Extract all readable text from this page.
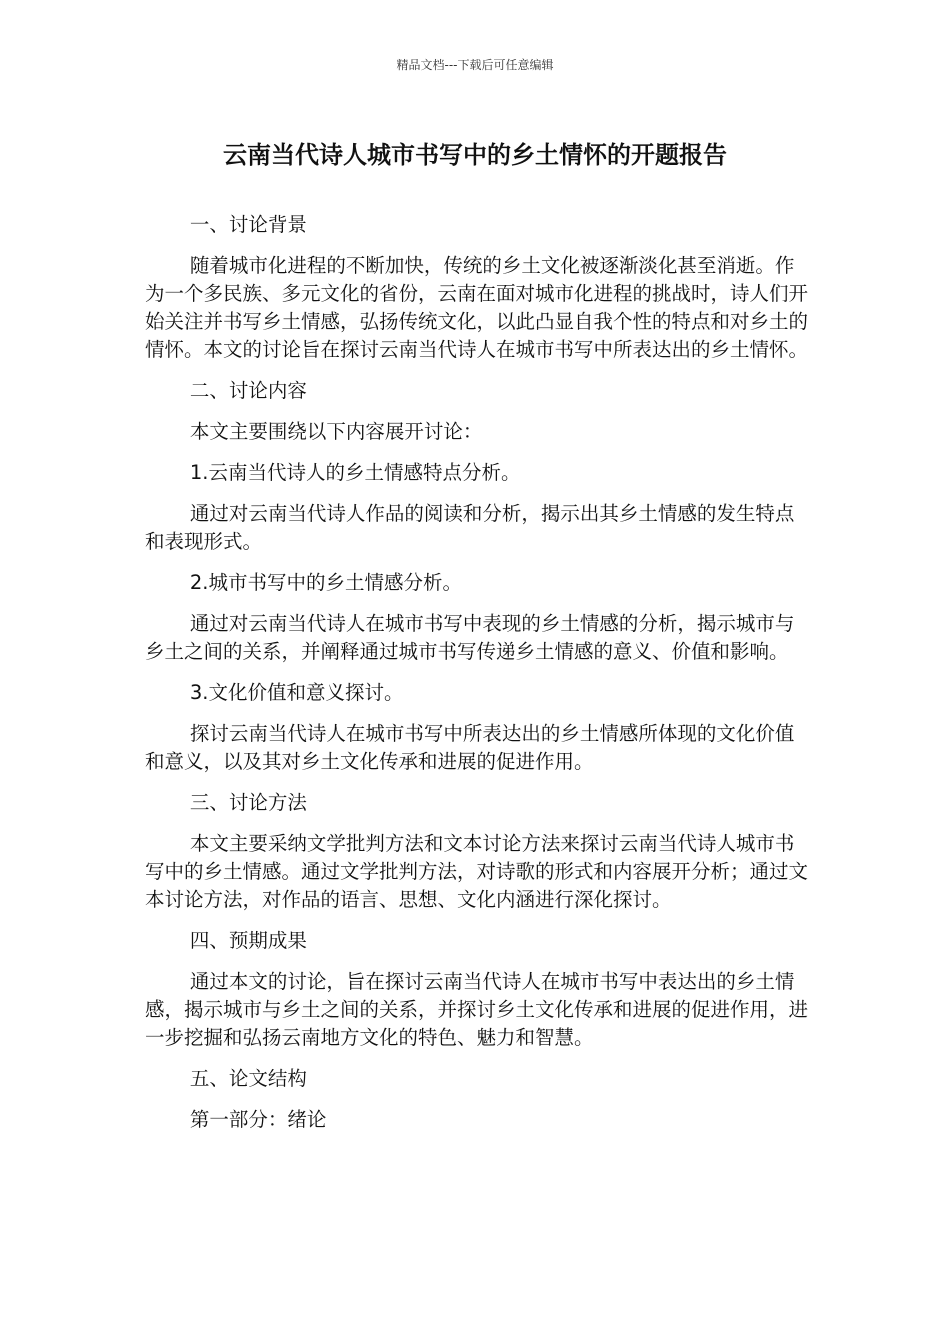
精品文档---下载后可任意编辑
云南当代诗人城市书写中的乡土情怀的开题报告

一、讨论背景

随着城市化进程的不断加快，传统的乡土文化被逐渐淡化甚至消逝。作为一个多民族、多元文化的省份，云南在面对城市化进程的挑战时，诗人们开始关注并书写乡土情感，弘扬传统文化，以此凸显自我个性的特点和对乡土的情怀。本文的讨论旨在探讨云南当代诗人在城市书写中所表达出的乡土情怀。

二、讨论内容

本文主要围绕以下内容展开讨论：

1.云南当代诗人的乡土情感特点分析。

通过对云南当代诗人作品的阅读和分析，揭示出其乡土情感的发生特点和表现形式。

2.城市书写中的乡土情感分析。

通过对云南当代诗人在城市书写中表现的乡土情感的分析，揭示城市与乡土之间的关系，并阐释通过城市书写传递乡土情感的意义、价值和影响。

3.文化价值和意义探讨。

探讨云南当代诗人在城市书写中所表达出的乡土情感所体现的文化价值和意义，以及其对乡土文化传承和进展的促进作用。

三、讨论方法

本文主要采纳文学批判方法和文本讨论方法来探讨云南当代诗人城市书写中的乡土情感。通过文学批判方法，对诗歌的形式和内容展开分析；通过文本讨论方法，对作品的语言、思想、文化内涵进行深化探讨。

四、预期成果

通过本文的讨论，旨在探讨云南当代诗人在城市书写中表达出的乡土情感，揭示城市与乡土之间的关系，并探讨乡土文化传承和进展的促进作用，进一步挖掘和弘扬云南地方文化的特色、魅力和智慧。

五、论文结构

第一部分：绪论
